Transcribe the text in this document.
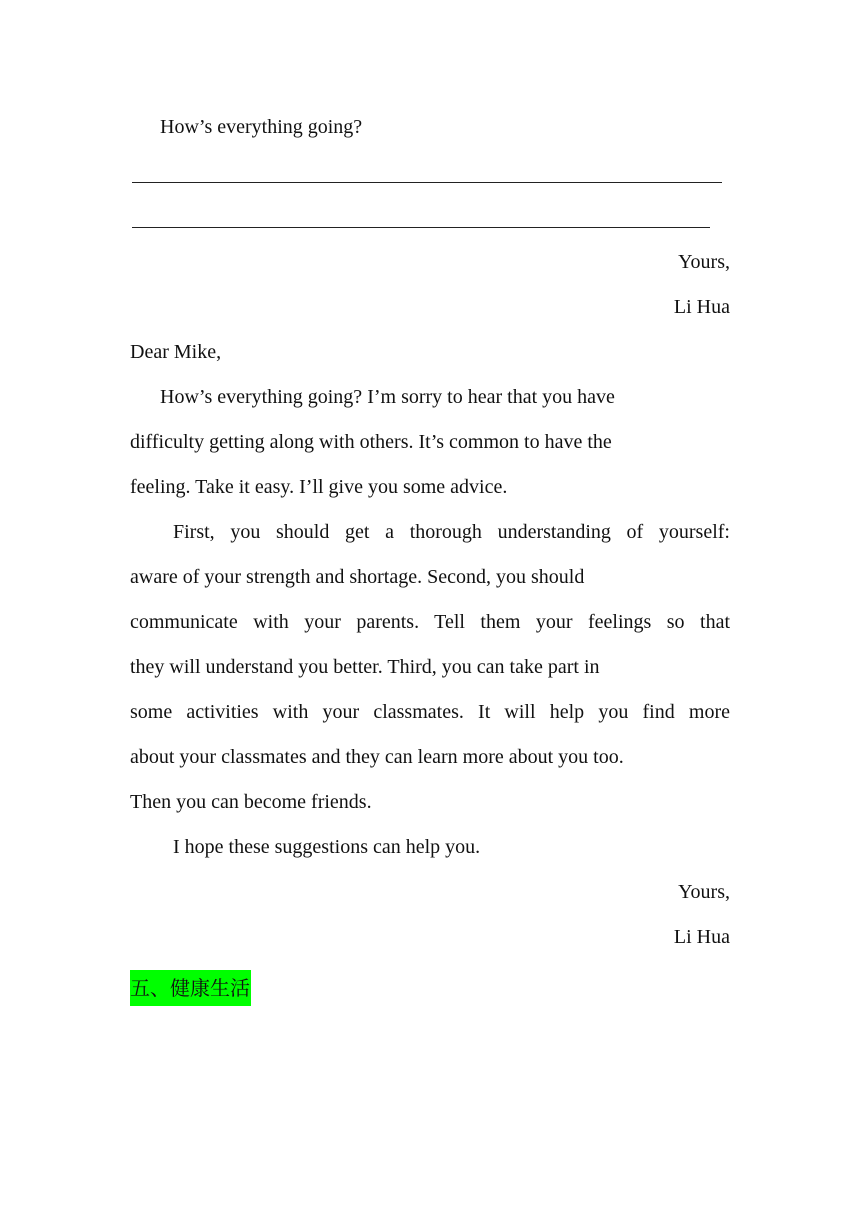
How’s everything going?
Yours,
Li Hua
Dear Mike,
How’s everything going? I’m sorry to hear that you have
difficulty getting along with others. It’s common to have the
feeling. Take it easy. I’ll give you some advice.
First, you should get a thorough understanding of yourself:
aware of your strength and shortage. Second, you should
communicate with your parents. Tell them your feelings so that
they will understand you better. Third, you can take part in
some activities with your classmates. It will help you find more
about your classmates and they can learn more about you too.
Then you can become friends.
I hope these suggestions can help you.
Yours,
Li Hua
五、健康生活
